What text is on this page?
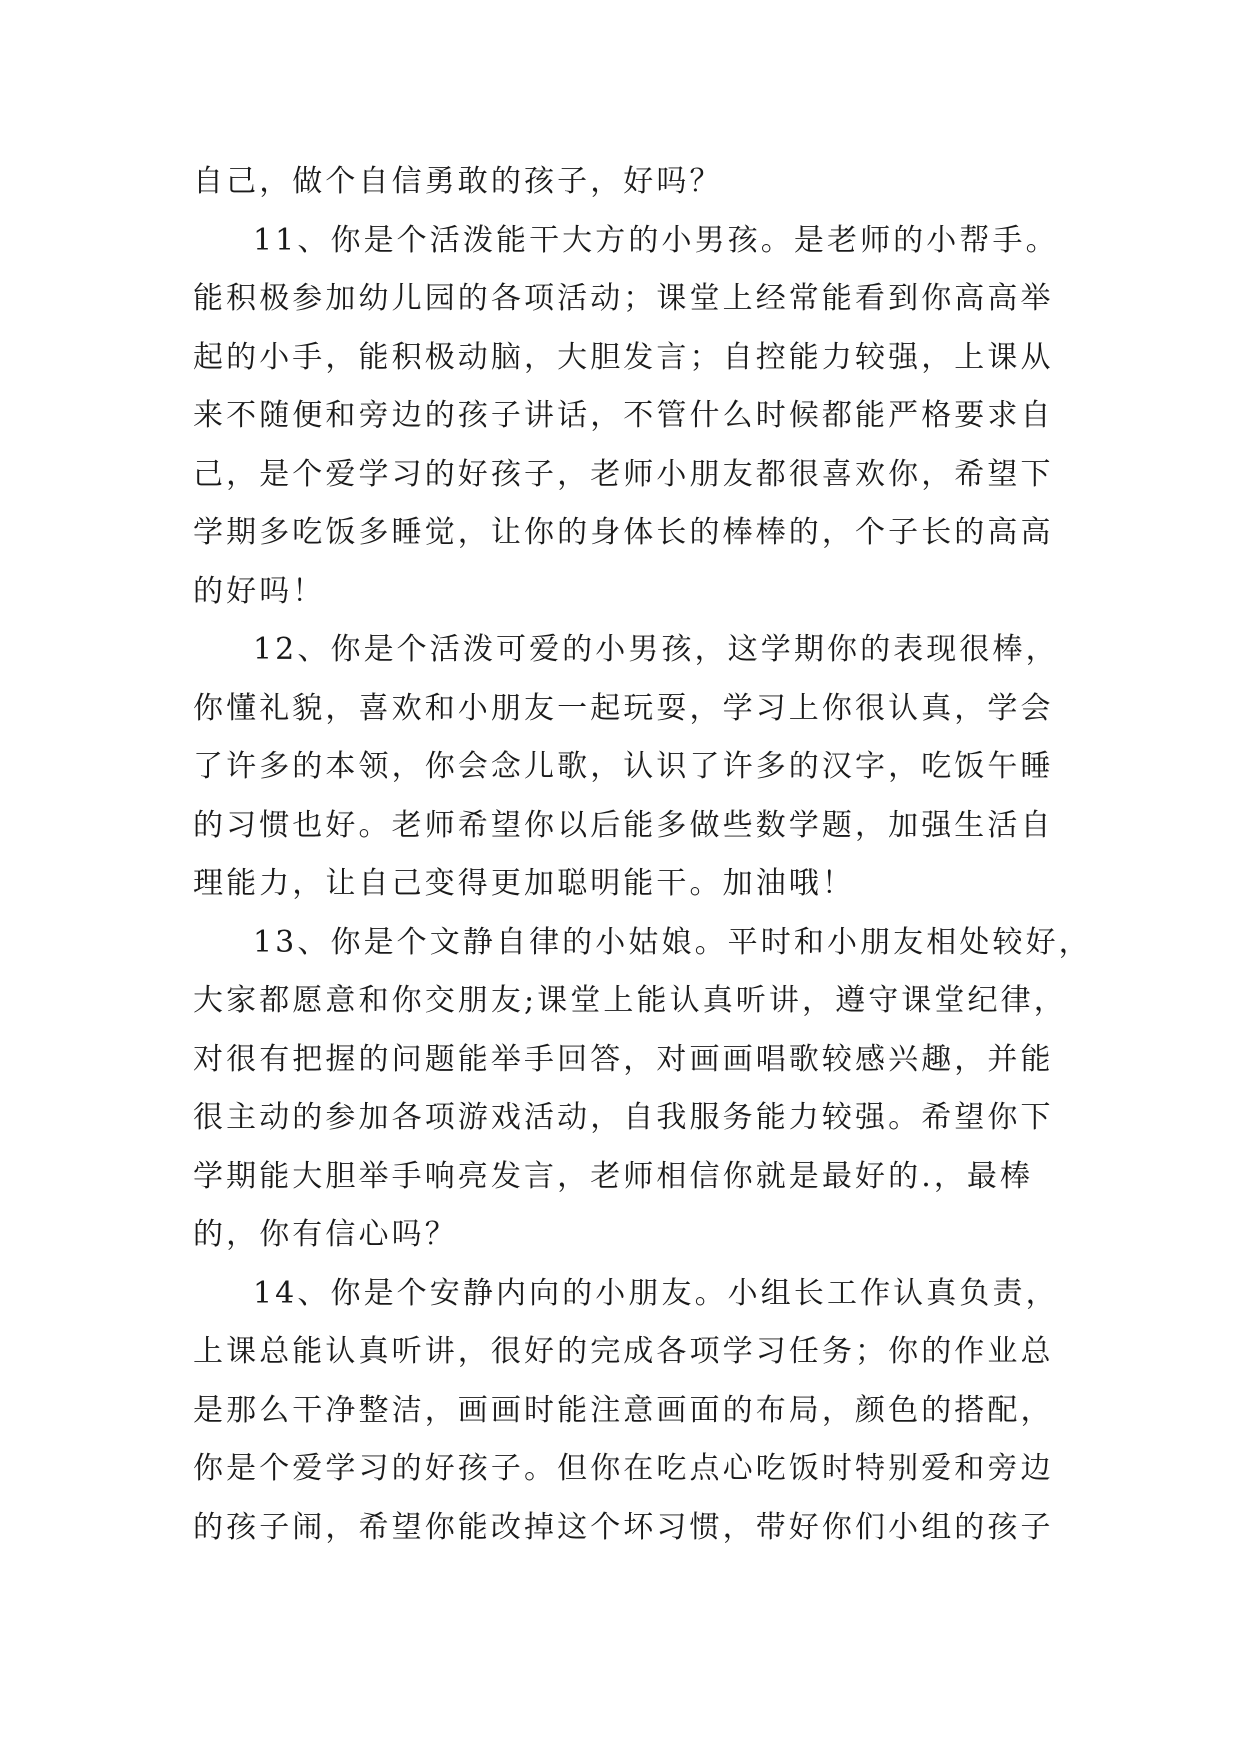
自己，做个自信勇敢的孩子，好吗？
11、你是个活泼能干大方的小男孩。是老师的小帮手。
能积极参加幼儿园的各项活动；课堂上经常能看到你高高举
起的小手，能积极动脑，大胆发言；自控能力较强，上课从
来不随便和旁边的孩子讲话，不管什么时候都能严格要求自
己，是个爱学习的好孩子，老师小朋友都很喜欢你，希望下
学期多吃饭多睡觉，让你的身体长的棒棒的，个子长的高高
的好吗！
12、你是个活泼可爱的小男孩，这学期你的表现很棒，
你懂礼貌，喜欢和小朋友一起玩耍，学习上你很认真，学会
了许多的本领，你会念儿歌，认识了许多的汉字，吃饭午睡
的习惯也好。老师希望你以后能多做些数学题，加强生活自
理能力，让自己变得更加聪明能干。加油哦！
13、你是个文静自律的小姑娘。平时和小朋友相处较好，
大家都愿意和你交朋友;课堂上能认真听讲，遵守课堂纪律，
对很有把握的问题能举手回答，对画画唱歌较感兴趣，并能
很主动的参加各项游戏活动，自我服务能力较强。希望你下
学期能大胆举手响亮发言，老师相信你就是最好的.，最棒
的，你有信心吗？
14、你是个安静内向的小朋友。小组长工作认真负责，
上课总能认真听讲，很好的完成各项学习任务；你的作业总
是那么干净整洁，画画时能注意画面的布局，颜色的搭配，
你是个爱学习的好孩子。但你在吃点心吃饭时特别爱和旁边
的孩子闹，希望你能改掉这个坏习惯，带好你们小组的孩子
